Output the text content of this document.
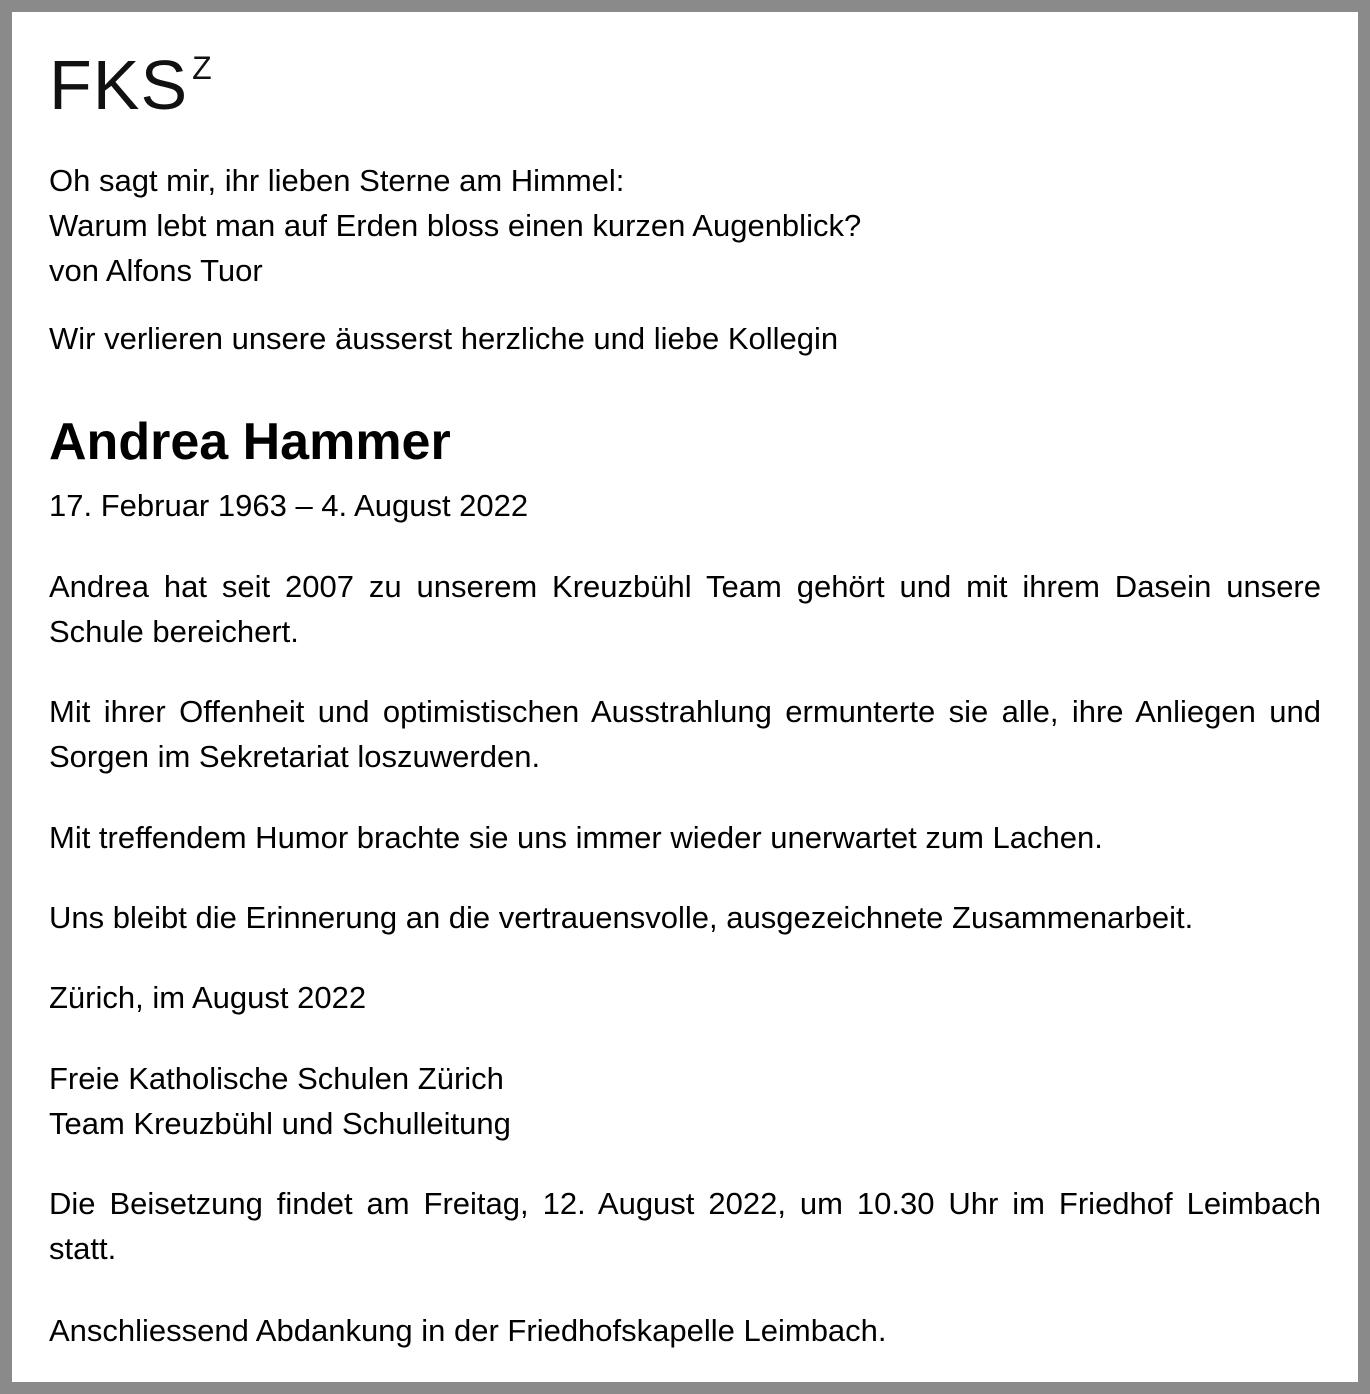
FKS $^Z$
Oh sagt mir, ihr lieben Sterne am Himmel:
Warum lebt man auf Erden bloss einen kurzen Augenblick?
von Alfons Tuor
Wir verlieren unsere äusserst herzliche und liebe Kollegin
Andrea Hammer
17. Februar 1963 – 4. August 2022
Andrea hat seit 2007 zu unserem Kreuzbühl Team gehört und mit ihrem Dasein unsere Schule bereichert.
Mit ihrer Offenheit und optimistischen Ausstrahlung ermunterte sie alle, ihre Anliegen und Sorgen im Sekretariat loszuwerden.
Mit treffendem Humor brachte sie uns immer wieder unerwartet zum Lachen.
Uns bleibt die Erinnerung an die vertrauensvolle, ausgezeichnete Zusammenarbeit.
Zürich, im August 2022
Freie Katholische Schulen Zürich
Team Kreuzbühl und Schulleitung
Die Beisetzung findet am Freitag, 12. August 2022, um 10.30 Uhr im Friedhof Leimbach statt.
Anschliessend Abdankung in der Friedhofskapelle Leimbach.
